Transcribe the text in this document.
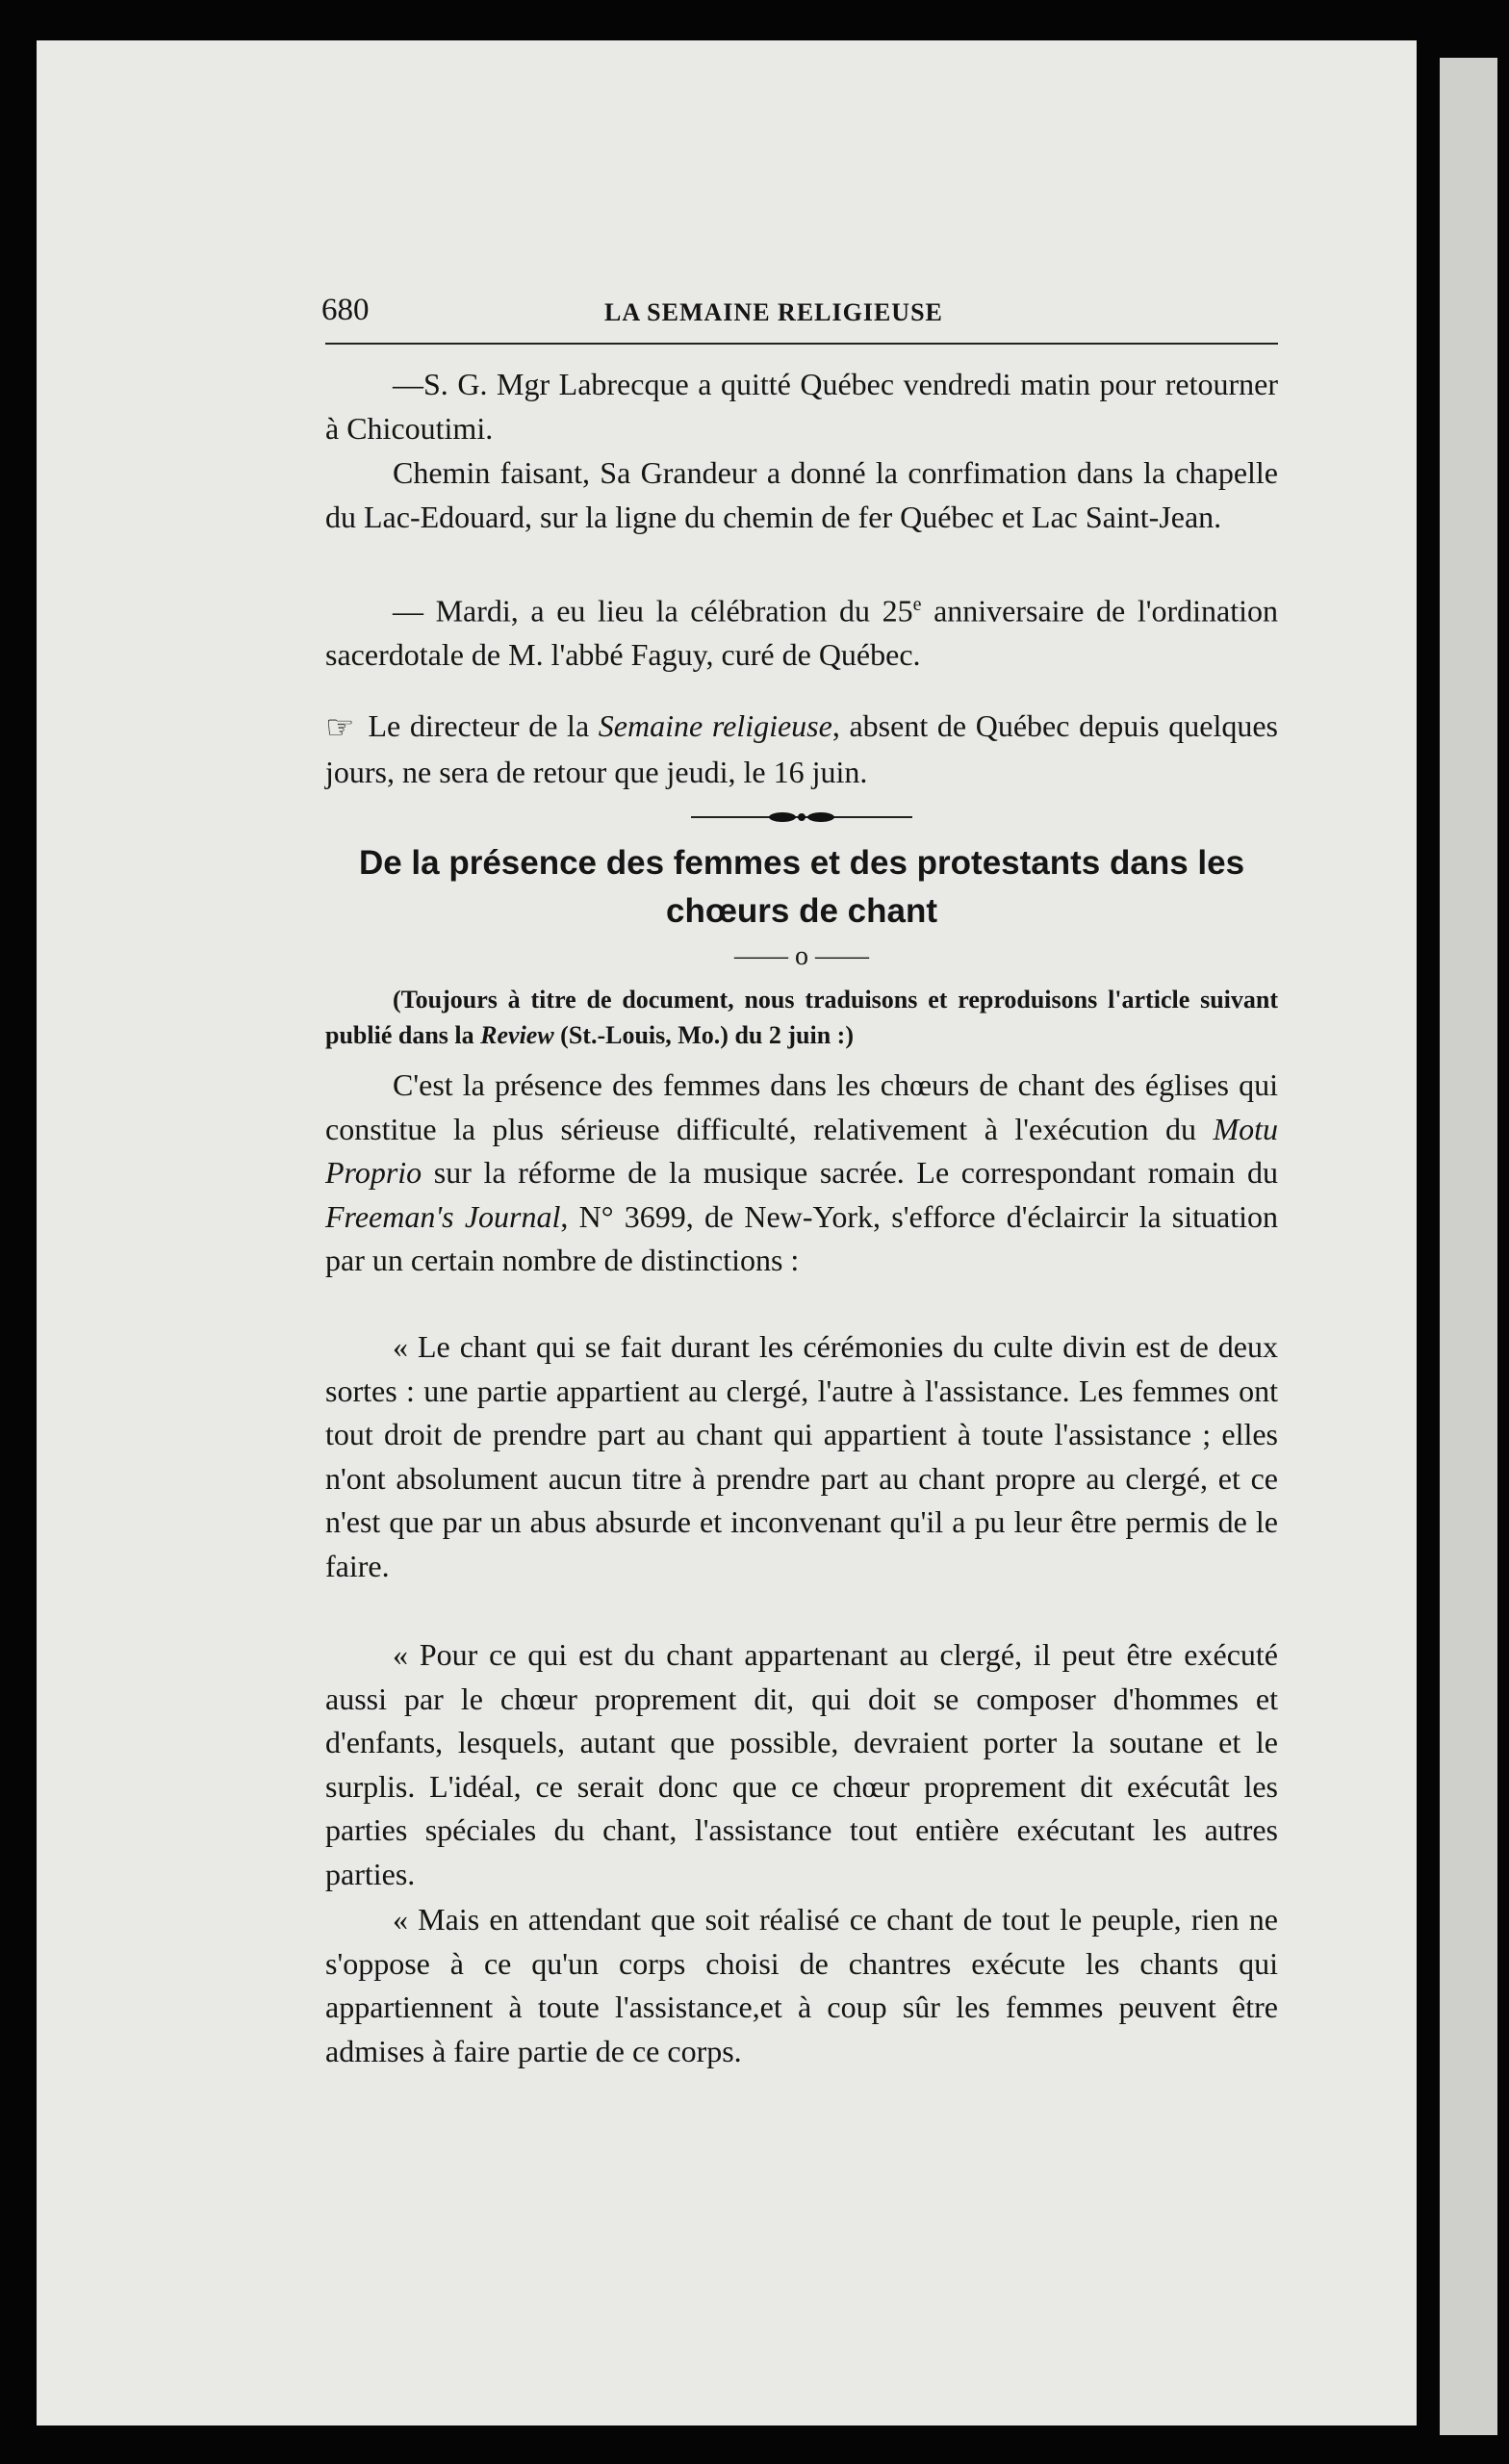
680	LA SEMAINE RELIGIEUSE

—S. G. Mgr Labrecque a quitté Québec vendredi matin pour retourner à Chicoutimi.

Chemin faisant, Sa Grandeur a donné la conrfimation dans la chapelle du Lac-Edouard, sur la ligne du chemin de fer Québec et Lac Saint-Jean.

— Mardi, a eu lieu la célébration du 25e anniversaire de l'ordination sacerdotale de M. l'abbé Faguy, curé de Québec.

☞ Le directeur de la Semaine religieuse, absent de Québec depuis quelques jours, ne sera de retour que jeudi, le 16 juin.

De la présence des femmes et des protestants dans les chœurs de chant

—— o ——

(Toujours à titre de document, nous traduisons et reproduisons l'article suivant publié dans la Review (St.-Louis, Mo.) du 2 juin :)

C'est la présence des femmes dans les chœurs de chant des églises qui constitue la plus sérieuse difficulté, relativement à l'exécution du Motu Proprio sur la réforme de la musique sacrée. Le correspondant romain du Freeman's Journal, N° 3699, de New-York, s'efforce d'éclaircir la situation par un certain nombre de distinctions :

« Le chant qui se fait durant les cérémonies du culte divin est de deux sortes : une partie appartient au clergé, l'autre à l'assistance. Les femmes ont tout droit de prendre part au chant qui appartient à toute l'assistance ; elles n'ont absolument aucun titre à prendre part au chant propre au clergé, et ce n'est que par un abus absurde et inconvenant qu'il a pu leur être permis de le faire.

« Pour ce qui est du chant appartenant au clergé, il peut être exécuté aussi par le chœur proprement dit, qui doit se composer d'hommes et d'enfants, lesquels, autant que possible, devraient porter la soutane et le surplis. L'idéal, ce serait donc que ce chœur proprement dit exécutât les parties spéciales du chant, l'assistance tout entière exécutant les autres parties.

« Mais en attendant que soit réalisé ce chant de tout le peuple, rien ne s'oppose à ce qu'un corps choisi de chantres exécute les chants qui appartiennent à toute l'assistance,et à coup sûr les femmes peuvent être admises à faire partie de ce corps.
